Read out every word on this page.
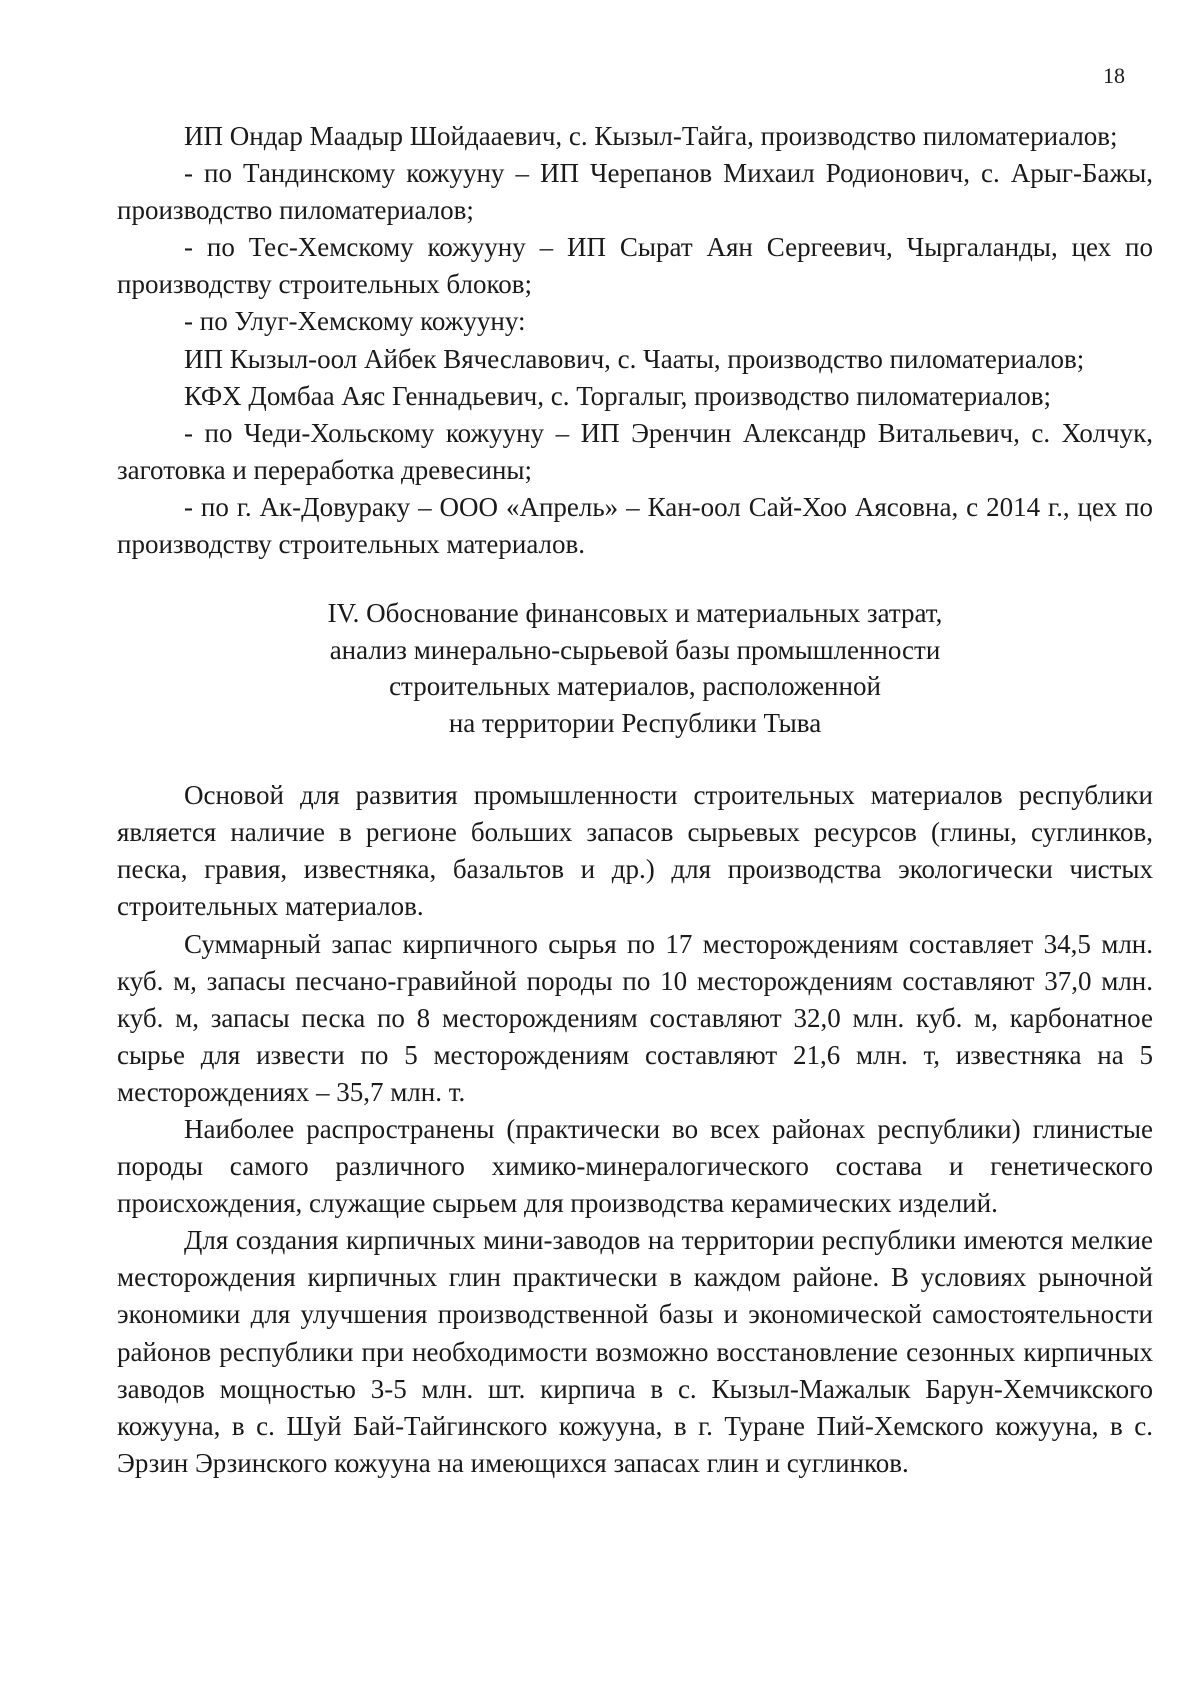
18

ИП Ондар Маадыр Шойдааевич, с. Кызыл-Тайга, производство пиломатериалов;

- по Тандинскому кожууну – ИП Черепанов Михаил Родионович, с. Арыг-Бажы, производство пиломатериалов;

- по Тес-Хемскому кожууну – ИП Сырат Аян Сергеевич, Чыргаланды, цех по производству строительных блоков;

- по Улуг-Хемскому кожууну:

ИП Кызыл-оол Айбек Вячеславович, с. Чааты, производство пиломатериалов;

КФХ Домбаа Аяс Геннадьевич, с. Торгалыг, производство пиломатериалов;

- по Чеди-Хольскому кожууну – ИП Эренчин Александр Витальевич, с. Холчук, заготовка и переработка древесины;

- по г. Ак-Довураку – ООО «Апрель» – Кан-оол Сай-Хоо Аясовна, с 2014 г., цех по производству строительных материалов.

IV. Обоснование финансовых и материальных затрат,
анализ минерально-сырьевой базы промышленности
строительных материалов, расположенной
на территории Республики Тыва

Основой для развития промышленности строительных материалов республики является наличие в регионе больших запасов сырьевых ресурсов (глины, суглинков, песка, гравия, известняка, базальтов и др.) для производства экологически чистых строительных материалов.

Суммарный запас кирпичного сырья по 17 месторождениям составляет 34,5 млн. куб. м, запасы песчано-гравийной породы по 10 месторождениям составляют 37,0 млн. куб. м, запасы песка по 8 месторождениям составляют 32,0 млн. куб. м, карбонатное сырье для извести по 5 месторождениям составляют 21,6 млн. т, известняка на 5 месторождениях – 35,7 млн. т.

Наиболее распространены (практически во всех районах республики) глинистые породы самого различного химико-минералогического состава и генетического происхождения, служащие сырьем для производства керамических изделий.

Для создания кирпичных мини-заводов на территории республики имеются мелкие месторождения кирпичных глин практически в каждом районе. В условиях рыночной экономики для улучшения производственной базы и экономической самостоятельности районов республики при необходимости возможно восстановление сезонных кирпичных заводов мощностью 3-5 млн. шт. кирпича в с. Кызыл-Мажалык Барун-Хемчикского кожууна, в с. Шуй Бай-Тайгинского кожууна, в г. Туране Пий-Хемского кожууна, в с. Эрзин Эрзинского кожууна на имеющихся запасах глин и суглинков.
